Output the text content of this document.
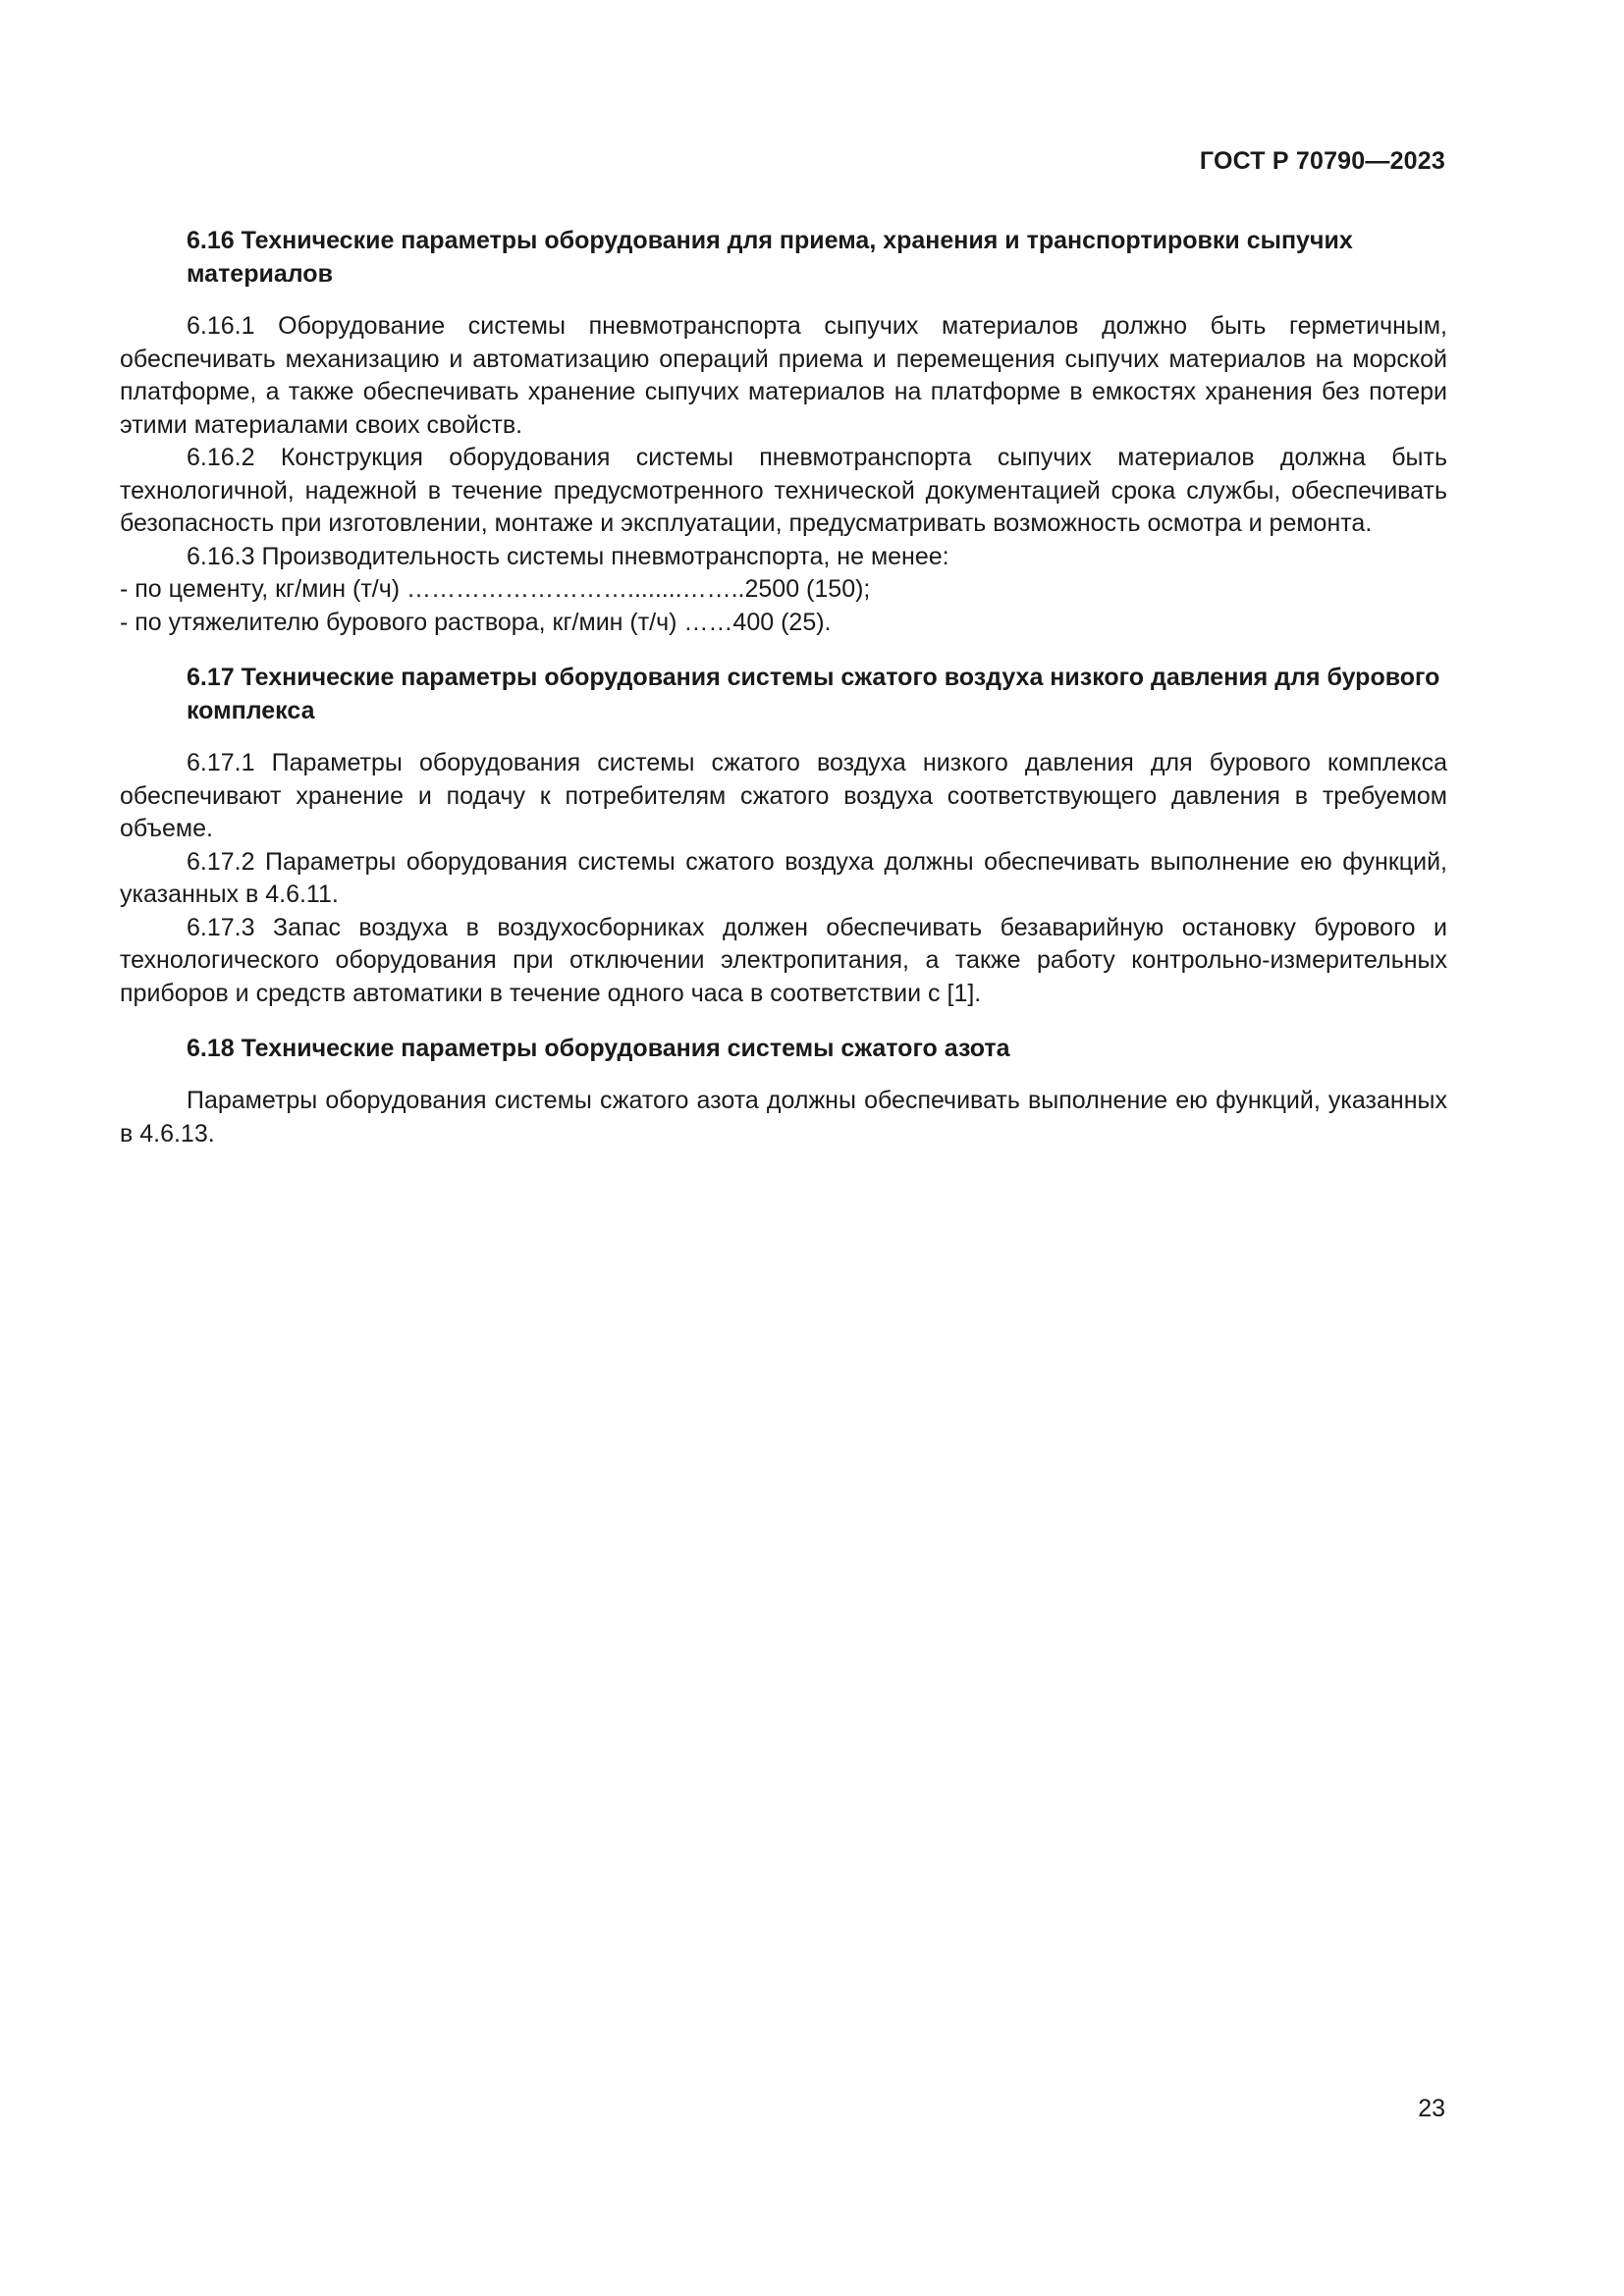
ГОСТ Р 70790—2023

6.16 Технические параметры оборудования для приема, хранения и транспортировки сыпучих материалов

6.16.1 Оборудование системы пневмотранспорта сыпучих материалов должно быть герметичным, обеспечивать механизацию и автоматизацию операций приема и перемещения сыпучих материалов на морской платформе, а также обеспечивать хранение сыпучих материалов на платформе в емкостях хранения без потери этими материалами своих свойств.

6.16.2 Конструкция оборудования системы пневмотранспорта сыпучих материалов должна быть технологичной, надежной в течение предусмотренного технической документацией срока службы, обеспечивать безопасность при изготовлении, монтаже и эксплуатации, предусматривать возможность осмотра и ремонта.

6.16.3 Производительность системы пневмотранспорта, не менее:

- по цементу, кг/мин (т/ч) ………………………........……..2500 (150);

- по утяжелителю бурового раствора, кг/мин (т/ч) ……400 (25).

6.17 Технические параметры оборудования системы сжатого воздуха низкого давления для бурового комплекса

6.17.1 Параметры оборудования системы сжатого воздуха низкого давления для бурового комплекса обеспечивают хранение и подачу к потребителям сжатого воздуха соответствующего давления в требуемом объеме.

6.17.2 Параметры оборудования системы сжатого воздуха должны обеспечивать выполнение ею функций, указанных в 4.6.11.

6.17.3 Запас воздуха в воздухосборниках должен обеспечивать безаварийную остановку бурового и технологического оборудования при отключении электропитания, а также работу контрольно-измерительных приборов и средств автоматики в течение одного часа в соответствии с [1].

6.18 Технические параметры оборудования системы сжатого азота

Параметры оборудования системы сжатого азота должны обеспечивать выполнение ею функций, указанных в 4.6.13.

23
